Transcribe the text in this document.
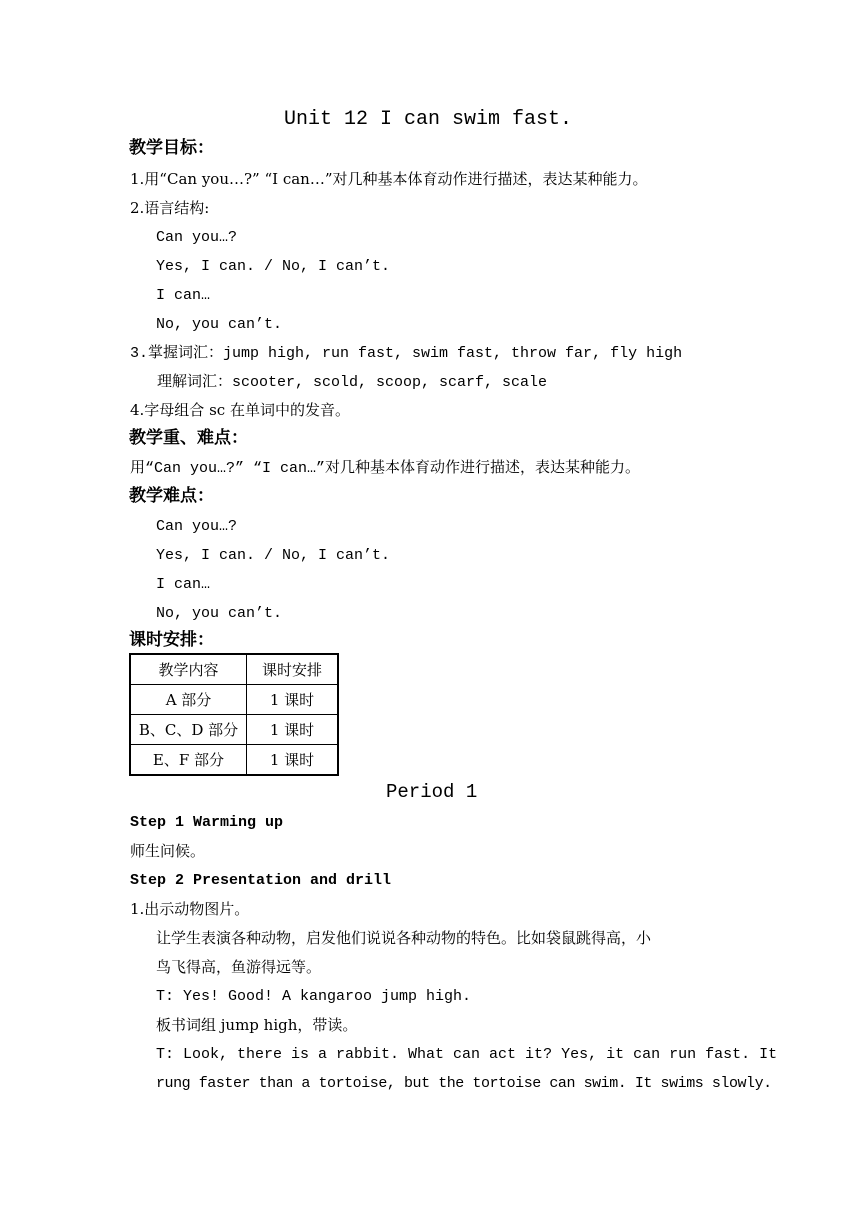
Unit 12 I can swim fast.
教学目标：
1.用“Can you…?” “I can…”对几种基本体育动作进行描述，表达某种能力。
2.语言结构:
Can you…?
Yes, I can. / No, I can’t.
I can…
No, you can’t.
3.掌握词汇：jump high, run fast, swim fast, throw far, fly high
理解词汇：scooter, scold, scoop, scarf, scale
4.字母组合 sc 在单词中的发音。
教学重、难点：
用“Can you…?” “I can…”对几种基本体育动作进行描述，表达某种能力。
教学难点：
Can you…?
Yes, I can. / No, I can’t.
I can…
No, you can’t.
课时安排：
教学内容	课时安排
A 部分	1 课时
B、C、D 部分	1 课时
E、F 部分	1 课时
Period 1
Step 1 Warming up
师生问候。
Step 2 Presentation and drill
1.出示动物图片。
让学生表演各种动物，启发他们说说各种动物的特色。比如袋鼠跳得高，小
鸟飞得高，鱼游得远等。
T: Yes! Good! A kangaroo jump high.
板书词组 jump high，带读。
T: Look, there is a rabbit. What can act it? Yes, it can run fast. It
rung faster than a tortoise, but the tortoise can swim. It swims slowly.
